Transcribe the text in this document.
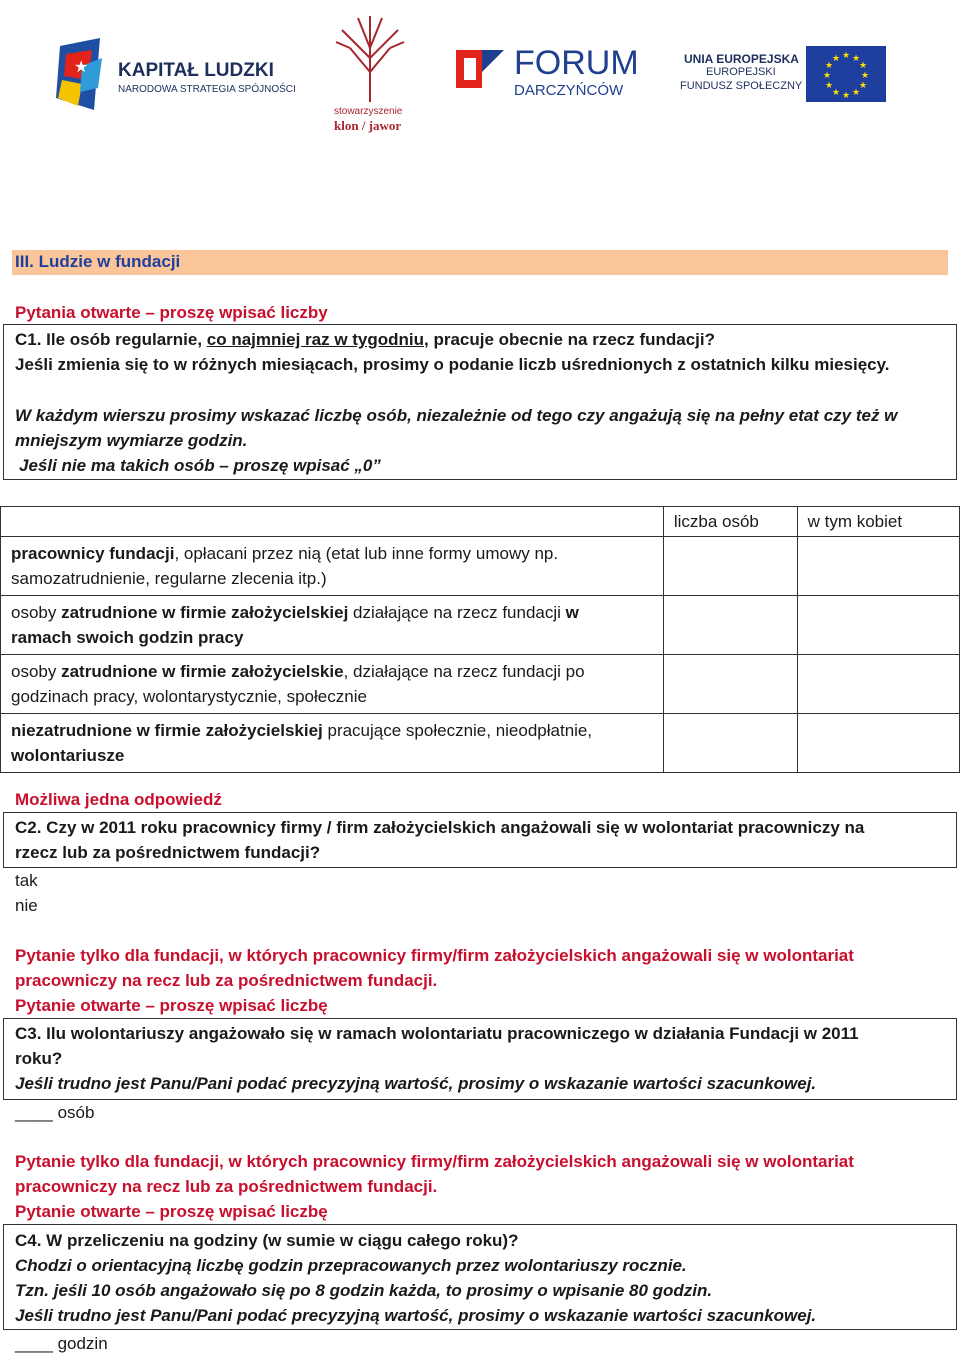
★ KAPITAŁ LUDZKI
NARODOWA STRATEGIA SPÓJNOŚCI
stowarzyszenie
klon / jawor
FORUM
DARCZYŃCÓW
UNIA EUROPEJSKA
EUROPEJSKI
FUNDUSZ SPOŁECZNY
★ ★
★
★
★
★
★
★
★
★
★
★
III. Ludzie w fundacji
Pytania otwarte – proszę wpisać liczby
C1. Ile osób regularnie, co najmniej raz w tygodniu, pracuje obecnie na rzecz fundacji?
Jeśli zmienia się to w różnych miesiącach, prosimy o podanie liczb uśrednionych z ostatnich kilku miesięcy.
W każdym wierszu prosimy wskazać liczbę osób, niezależnie od tego czy angażują się na pełny etat czy też w
mniejszym wymiarze godzin.
Jeśli nie ma takich osób – proszę wpisać „0”
	liczba osób	w tym kobiet
pracownicy fundacji, opłacani przez nią (etat lub inne formy umowy np.
samozatrudnienie, regularne zlecenia itp.)		
osoby zatrudnione w firmie założycielskiej działające na rzecz fundacji w
ramach swoich godzin pracy		
osoby zatrudnione w firmie założycielskie, działające na rzecz fundacji po
godzinach pracy, wolontarystycznie, społecznie		
niezatrudnione w firmie założycielskiej pracujące społecznie, nieodpłatnie,
wolontariusze		
Możliwa jedna odpowiedź
C2. Czy w 2011 roku pracownicy firmy / firm założycielskich angażowali się w wolontariat pracowniczy na
rzecz lub za pośrednictwem fundacji?
tak
nie
Pytanie tylko dla fundacji, w których pracownicy firmy/firm założycielskich angażowali się w wolontariat
pracowniczy na recz lub za pośrednictwem fundacji.
Pytanie otwarte – proszę wpisać liczbę
C3. Ilu wolontariuszy angażowało się w ramach wolontariatu pracowniczego w działania Fundacji w 2011
roku?
Jeśli trudno jest Panu/Pani podać precyzyjną wartość, prosimy o wskazanie wartości szacunkowej.
____ osób
Pytanie tylko dla fundacji, w których pracownicy firmy/firm założycielskich angażowali się w wolontariat
pracowniczy na recz lub za pośrednictwem fundacji.
Pytanie otwarte – proszę wpisać liczbę
C4. W przeliczeniu na godziny (w sumie w ciągu całego roku)?
Chodzi o orientacyjną liczbę godzin przepracowanych przez wolontariuszy rocznie.
Tzn. jeśli 10 osób angażowało się po 8 godzin każda, to prosimy o wpisanie 80 godzin.
Jeśli trudno jest Panu/Pani podać precyzyjną wartość, prosimy o wskazanie wartości szacunkowej.
____ godzin
